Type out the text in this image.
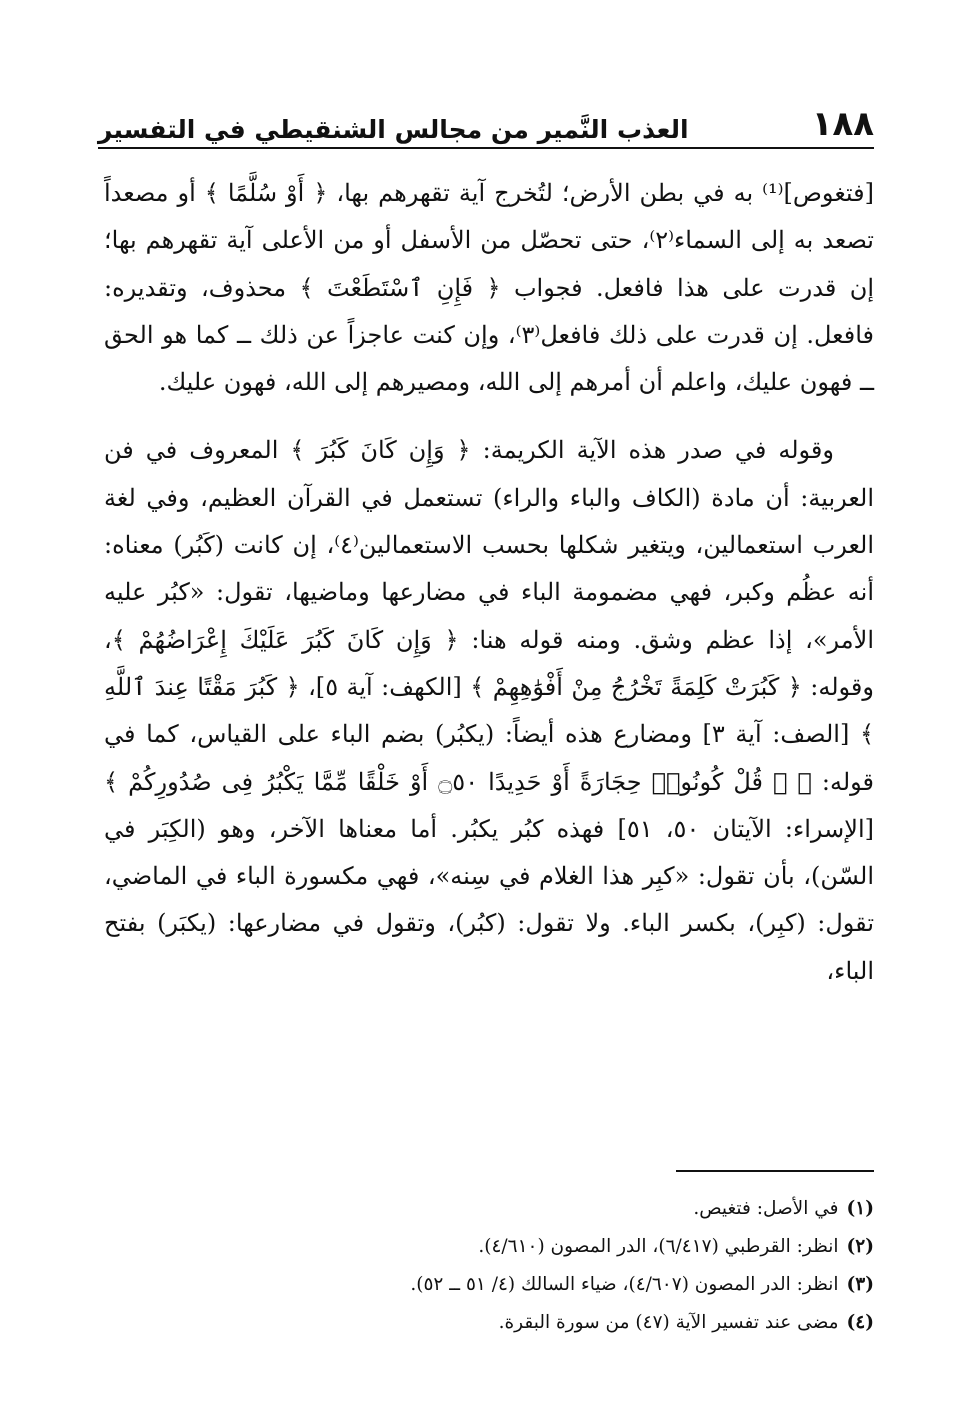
١٨٨
العذب النَّمير من مجالس الشنقيطي في التفسير

[فتغوص]⁽¹⁾ به في بطن الأرض؛ لتُخرج آية تقهرهم بها، ﴿ أَوْ سُلَّمًا ﴾ أو مصعداً تصعد به إلى السماء⁽٢⁾، حتى تحصّل من الأسفل أو من الأعلى آية تقهرهم بها؛ إن قدرت على هذا فافعل. فجواب ﴿ فَإِنِ ٱسْتَطَعْتَ ﴾ محذوف، وتقديره: فافعل. إن قدرت على ذلك فافعل⁽٣⁾، وإن كنت عاجزاً عن ذلك ــ كما هو الحق ــ فهون عليك، واعلم أن أمرهم إلى الله، ومصيرهم إلى الله، فهون عليك.

وقوله في صدر هذه الآية الكريمة: ﴿ وَإِن كَانَ كَبُرَ ﴾ المعروف في فن العربية: أن مادة (الكاف والباء والراء) تستعمل في القرآن العظيم، وفي لغة العرب استعمالين، ويتغير شكلها بحسب الاستعمالين⁽٤⁾، إن كانت (كَبُر) معناه: أنه عظُم وكبر، فهي مضمومة الباء في مضارعها وماضيها، تقول: «كبُر عليه الأمر»، إذا عظم وشق. ومنه قوله هنا: ﴿ وَإِن كَانَ كَبُرَ عَلَيْكَ إِعْرَاضُهُمْ ﴾، وقوله: ﴿ كَبُرَتْ كَلِمَةً تَخْرُجُ مِنْ أَفْوَٰهِهِمْ ﴾ [الكهف: آية ٥]، ﴿ كَبُرَ مَقْتًا عِندَ ٱللَّهِ ﴾ [الصف: آية ٣] ومضارع هذه أيضاً: (يكبُر) بضم الباء على القياس، كما في قوله: ﴿ ۞ قُلْ كُونُوا۟ حِجَارَةً أَوْ حَدِيدًا ۝٥٠ أَوْ خَلْقًا مِّمَّا يَكْبُرُ فِى صُدُورِكُمْ ﴾ [الإسراء: الآيتان ٥٠، ٥١] فهذه كبُر يكبُر. أما معناها الآخر، وهو (الكِبَر في السّن)، بأن تقول: «كبِر هذا الغلام في سِنه»، فهي مكسورة الباء في الماضي، تقول: (كبِر)، بكسر الباء. ولا تقول: (كبُر)، وتقول في مضارعها: (يكبَر) بفتح الباء،

(١)في الأصل: فتغيص.
(٢)انظر: القرطبي (٦/٤١٧)، الدر المصون (٤/٦١٠).
(٣)انظر: الدر المصون (٤/٦٠٧)، ضياء السالك (٤/ ٥١ ــ ٥٢).
(٤)مضى عند تفسير الآية (٤٧) من سورة البقرة.
